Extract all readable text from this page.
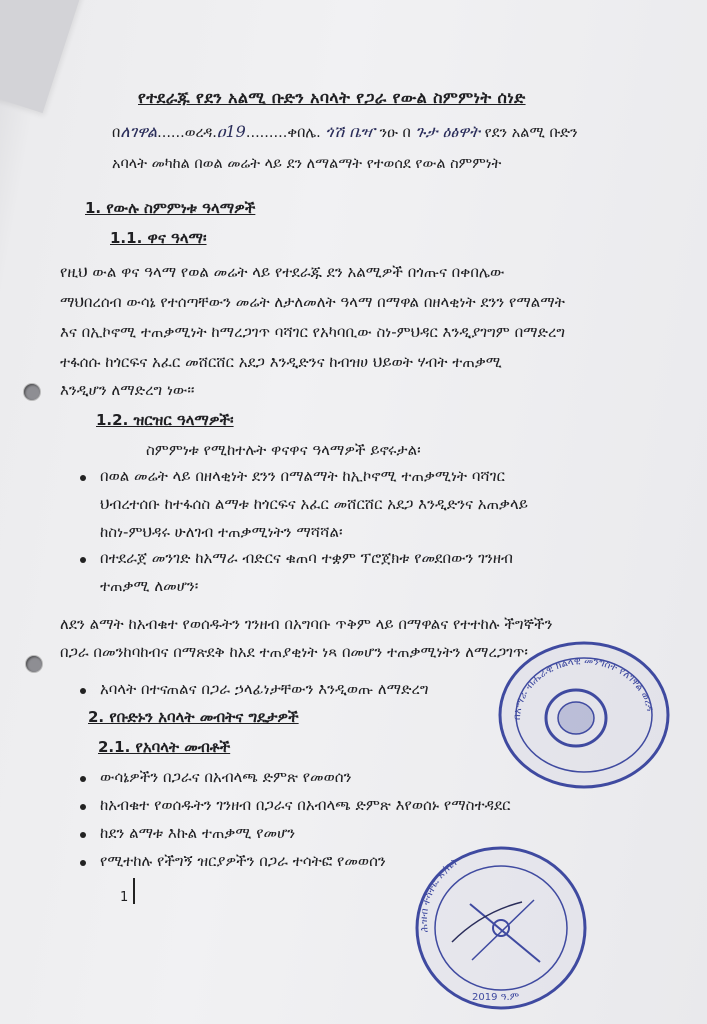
የተደራጁ የደን አልሚ ቡድን አባላት የጋራ የውል ስምምነት ሰነድ
በለገዋል......ወረዳ.ዐ19.........ቀበሌ. ጎሽ ቤዣ ንዑ በ ጉታ ዕፅዋት የደን አልሚ ቡድን
አባላት መካከል በወል መሬት ላይ ደን ለማልማት የተወሰደ የውል ስምምነት
1. የውሉ ስምምነቱ ዓላማዎች
1.1. ዋና ዓላማ፡
የዚህ ውል ዋና ዓላማ የወል መሬት ላይ የተደራጁ ደን አልሚዎች በጎጡና በቀበሌው
ማህበረሰብ ውሳኔ የተሰጣቸውን መሬት ለታለመለት ዓላማ በማዋል በዘላቂነት ደንን የማልማት
እና በኢኮኖሚ ተጠቃሚነት ከማረጋገጥ ባሻገር የአካባቢው ስነ-ምህዳር እንዲያገግም በማድረግ
ተፋሰሱ ከጎርፍና አፈር መሸርሸር አደጋ እንዲድንና ከብዝሀ ህይወት ሃብት ተጠቃሚ
እንዲሆን ለማድረግ ነው፡፡
1.2. ዝርዝር ዓላማዎች፡
ስምምነቱ የሚከተሉት ዋናዋና ዓላማዎች ይኖሩታል፡
በወል መሬት ላይ በዘላቂነት ደንን በማልማት ከኢኮኖሚ ተጠቃሚነት ባሻገር
ህብረተሰቡ ከተፋሰስ ልማቱ ከጎርፍና አፈር መሸርሸር አደጋ እንዲድንና አጠቃላይ
ከስነ-ምህዳሩ ሁለገብ ተጠቃሚነትን ማሻሻል፡
በተደራጀ መንገድ ከአማራ ብድርና ቁጠባ ተቋም ፕሮጀክቱ የመደበውን ገንዘብ
ተጠቃሚ ለመሆን፡
ለደን ልማት ከአብቁተ የወሰዱትን ገንዘብ በአግባቡ ጥቅም ላይ በማዋልና የተተከሉ ችግኞችን
በጋራ በመንከባከብና በማጽደቅ ከአደ ተጠያቂነት ነጻ በመሆን ተጠቃሚነትን ለማረጋገጥ፡
አባላት በተናጠልና በጋራ ኃላፊነታቸውን እንዲወጡ ለማድረግ
2. የቡድኑን አባላት መብትና ግዴታዎች
2.1. የአባላት መብቶች
ውሳኔዎችን በጋራና በአብላጫ ድምጽ የመወሰን
ከአብቁተ የወሰዱትን ገንዘብ በጋራና በአብላጫ ድምጽ እየወሰኑ የማስተዳደር
ከደን ልማቱ እኩል ተጠቃሚ የመሆን
የሚተከሉ የችግኝ ዝርያዎችን በጋራ ተሳትፎ የመወሰን
1
በአማራ ብሔራዊ ክልላዊ መንግስት የለገዋል ወረዳ
ሕዝብ ተሳትፎ ጽ/ቤት
2019 ዓ.ም
